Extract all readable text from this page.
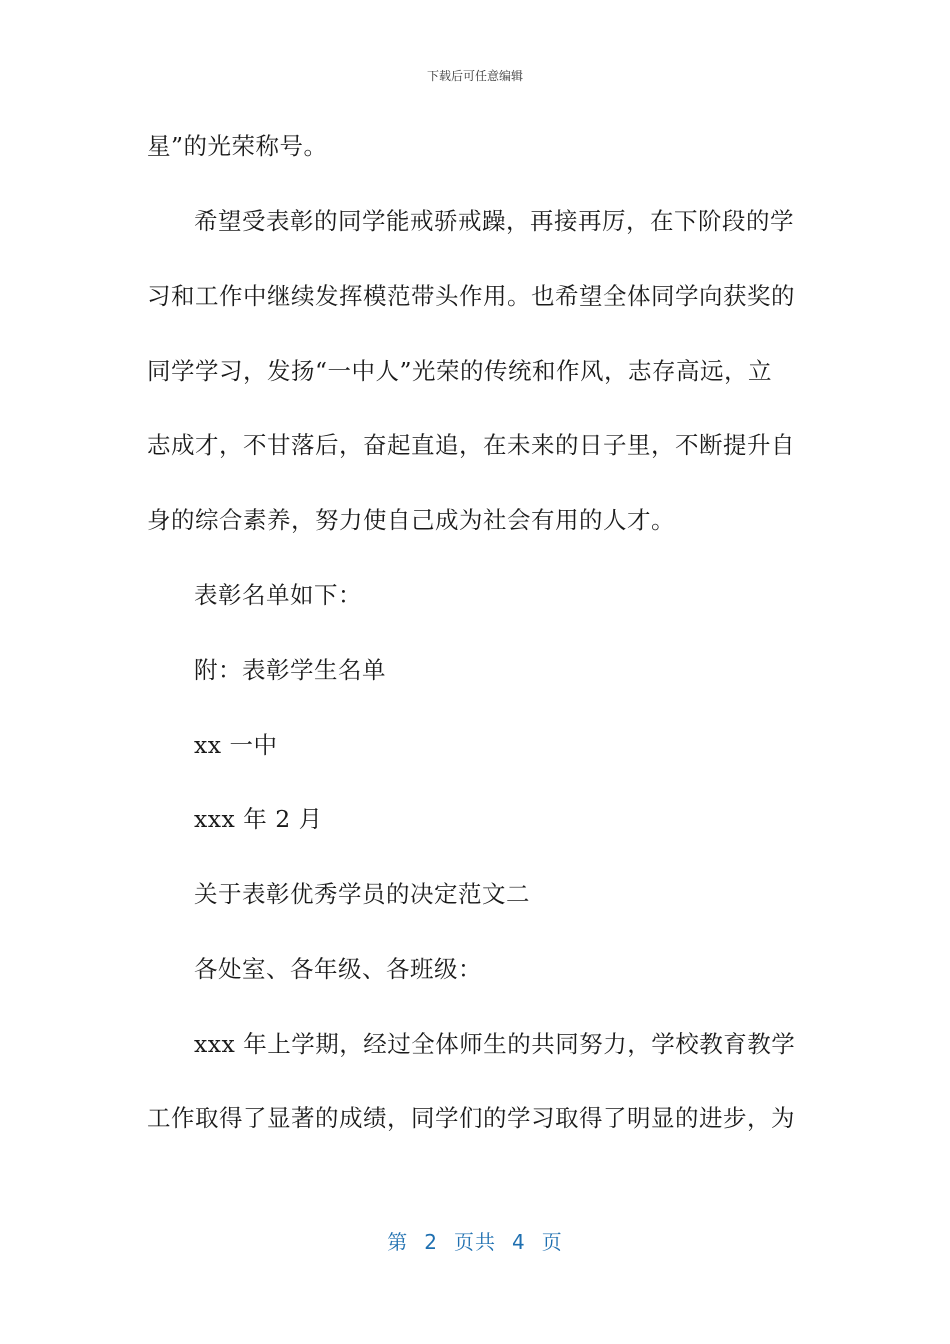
下载后可任意编辑
星”的光荣称号。
希望受表彰的同学能戒骄戒躁，再接再厉，在下阶段的学
习和工作中继续发挥模范带头作用。也希望全体同学向获奖的
同学学习，发扬“一中人”光荣的传统和作风，志存高远，立
志成才，不甘落后，奋起直追，在未来的日子里，不断提升自
身的综合素养，努力使自己成为社会有用的人才。
表彰名单如下：
附：表彰学生名单
xx 一中
xxx 年 2 月
关于表彰优秀学员的决定范文二
各处室、各年级、各班级：
xxx 年上学期，经过全体师生的共同努力，学校教育教学
工作取得了显著的成绩，同学们的学习取得了明显的进步，为
第 2 页共 4 页
